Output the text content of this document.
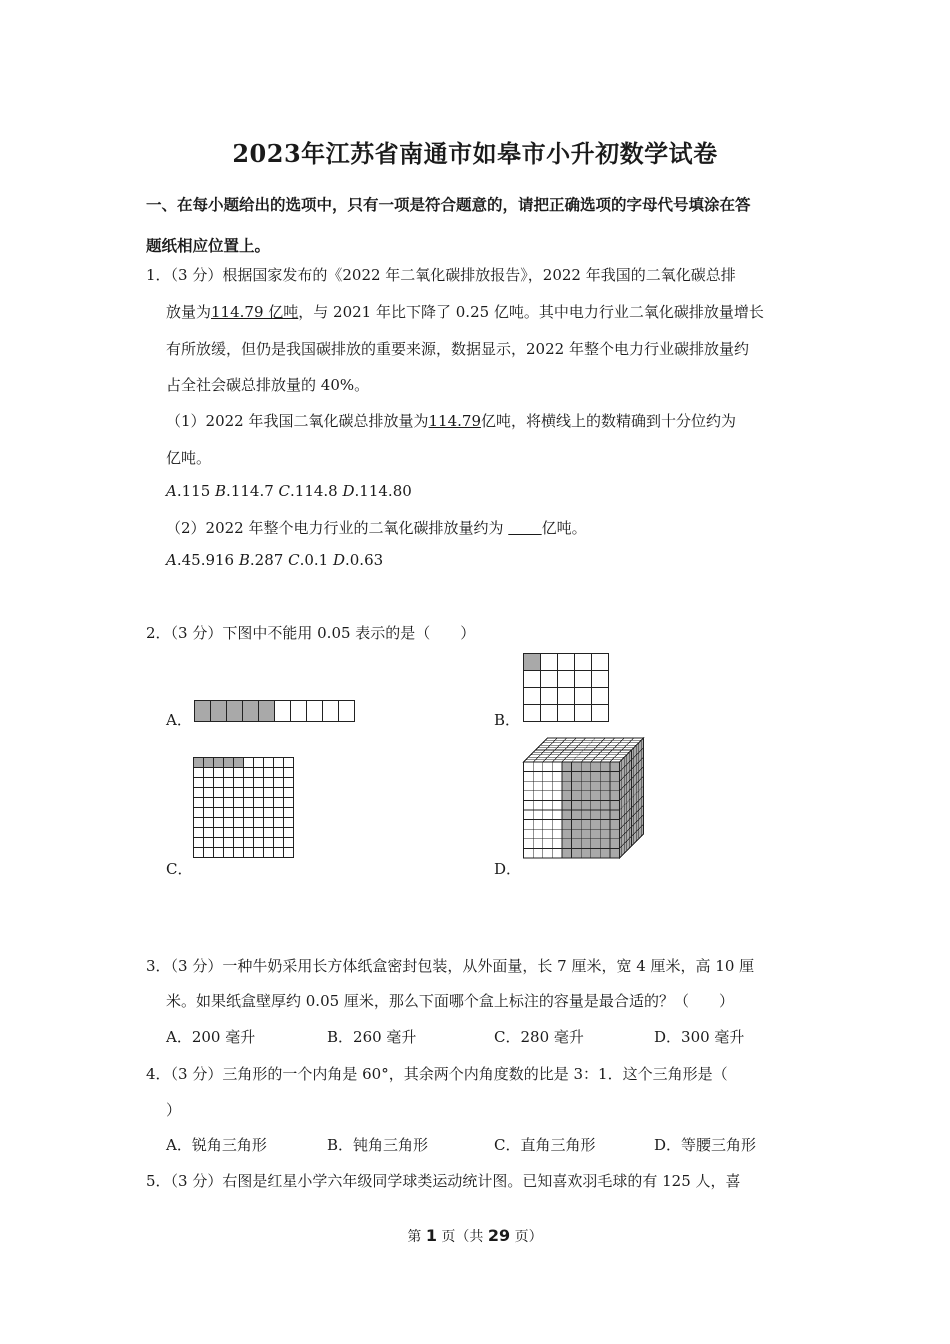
2023年江苏省南通市如皋市小升初数学试卷
一、在每小题给出的选项中，只有一项是符合题意的，请把正确选项的字母代号填涂在答
题纸相应位置上。
1．（3 分）根据国家发布的《2022 年二氧化碳排放报告》，2022 年我国的二氧化碳总排
放量为114.79 亿吨，与 2021 年比下降了 0.25 亿吨。其中电力行业二氧化碳排放量增长
有所放缓，但仍是我国碳排放的重要来源，数据显示，2022 年整个电力行业碳排放量约
占全社会碳总排放量的 40%。
（1）2022 年我国二氧化碳总排放量为114.79亿吨，将横线上的数精确到十分位约为
亿吨。
A.115 B.114.7 C.114.8 D.114.80
（2）2022 年整个电力行业的二氧化碳排放量约为        亿吨。
A.45.916 B.287 C.0.1 D.0.63
2．（3 分）下图中不能用 0.05 表示的是（　　）
A．	B．
C．	D．
3．（3 分）一种牛奶采用长方体纸盒密封包装，从外面量，长 7 厘米，宽 4 厘米，高 10 厘
米。如果纸盒壁厚约 0.05 厘米，那么下面哪个盒上标注的容量是最合适的？（　　）
A．200 毫升	B．260 毫升	C．280 毫升	D．300 毫升
4．（3 分）三角形的一个内角是 60°，其余两个内角度数的比是 3：1．这个三角形是（
）
A．锐角三角形	B．钝角三角形	C．直角三角形	D．等腰三角形
5．（3 分）右图是红星小学六年级同学球类运动统计图。已知喜欢羽毛球的有 125 人，喜
第 1 页（共 29 页）
